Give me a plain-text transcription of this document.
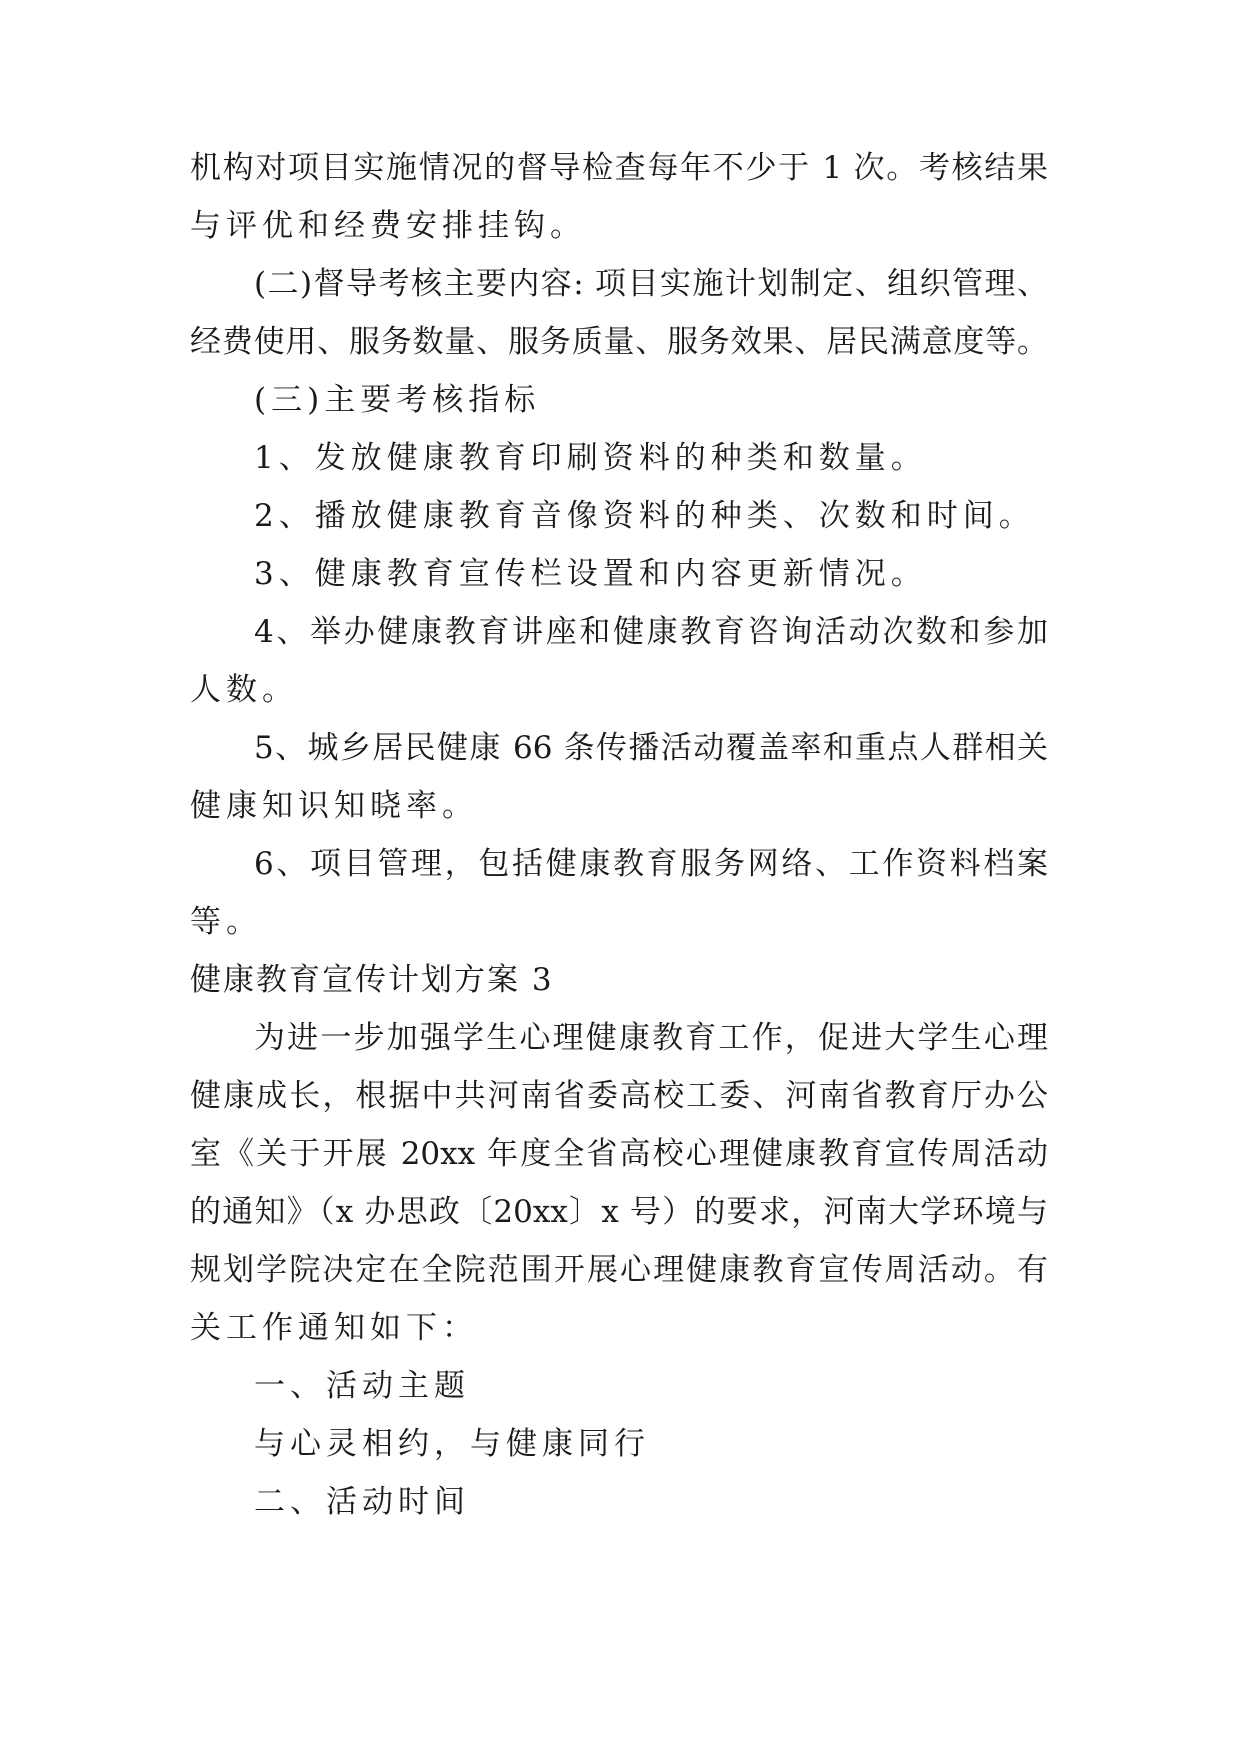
机构对项目实施情况的督导检查每年不少于 1 次。考核结果
与评优和经费安排挂钩。
(二)督导考核主要内容: 项目实施计划制定、组织管理、
经费使用、服务数量、服务质量、服务效果、居民满意度等。
(三)主要考核指标
1、发放健康教育印刷资料的种类和数量。
2、播放健康教育音像资料的种类、次数和时间。
3、健康教育宣传栏设置和内容更新情况。
4、举办健康教育讲座和健康教育咨询活动次数和参加
人数。
5、城乡居民健康 66 条传播活动覆盖率和重点人群相关
健康知识知晓率。
6、项目管理，包括健康教育服务网络、工作资料档案
等。
健康教育宣传计划方案 3
为进一步加强学生心理健康教育工作，促进大学生心理
健康成长，根据中共河南省委高校工委、河南省教育厅办公
室《关于开展 20xx 年度全省高校心理健康教育宣传周活动
的通知》（x 办思政〔20xx〕x 号）的要求，河南大学环境与
规划学院决定在全院范围开展心理健康教育宣传周活动。有
关工作通知如下：
一、活动主题
与心灵相约，与健康同行
二、活动时间
